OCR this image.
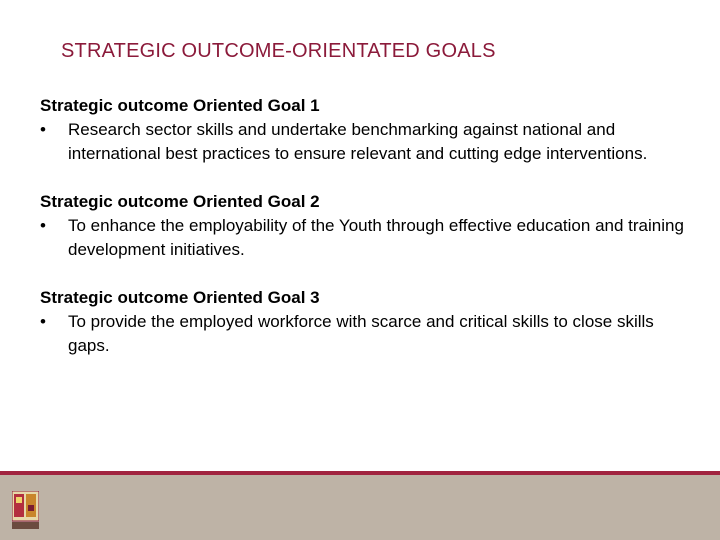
STRATEGIC OUTCOME-ORIENTATED GOALS
Strategic outcome Oriented Goal 1
•	Research sector skills and undertake benchmarking against national and international best practices to ensure relevant and cutting edge interventions.
Strategic outcome Oriented Goal 2
•	To enhance the employability of the Youth through effective education and training development initiatives.
Strategic outcome Oriented Goal 3
•	To provide the employed workforce with scarce and critical skills to close skills gaps.
